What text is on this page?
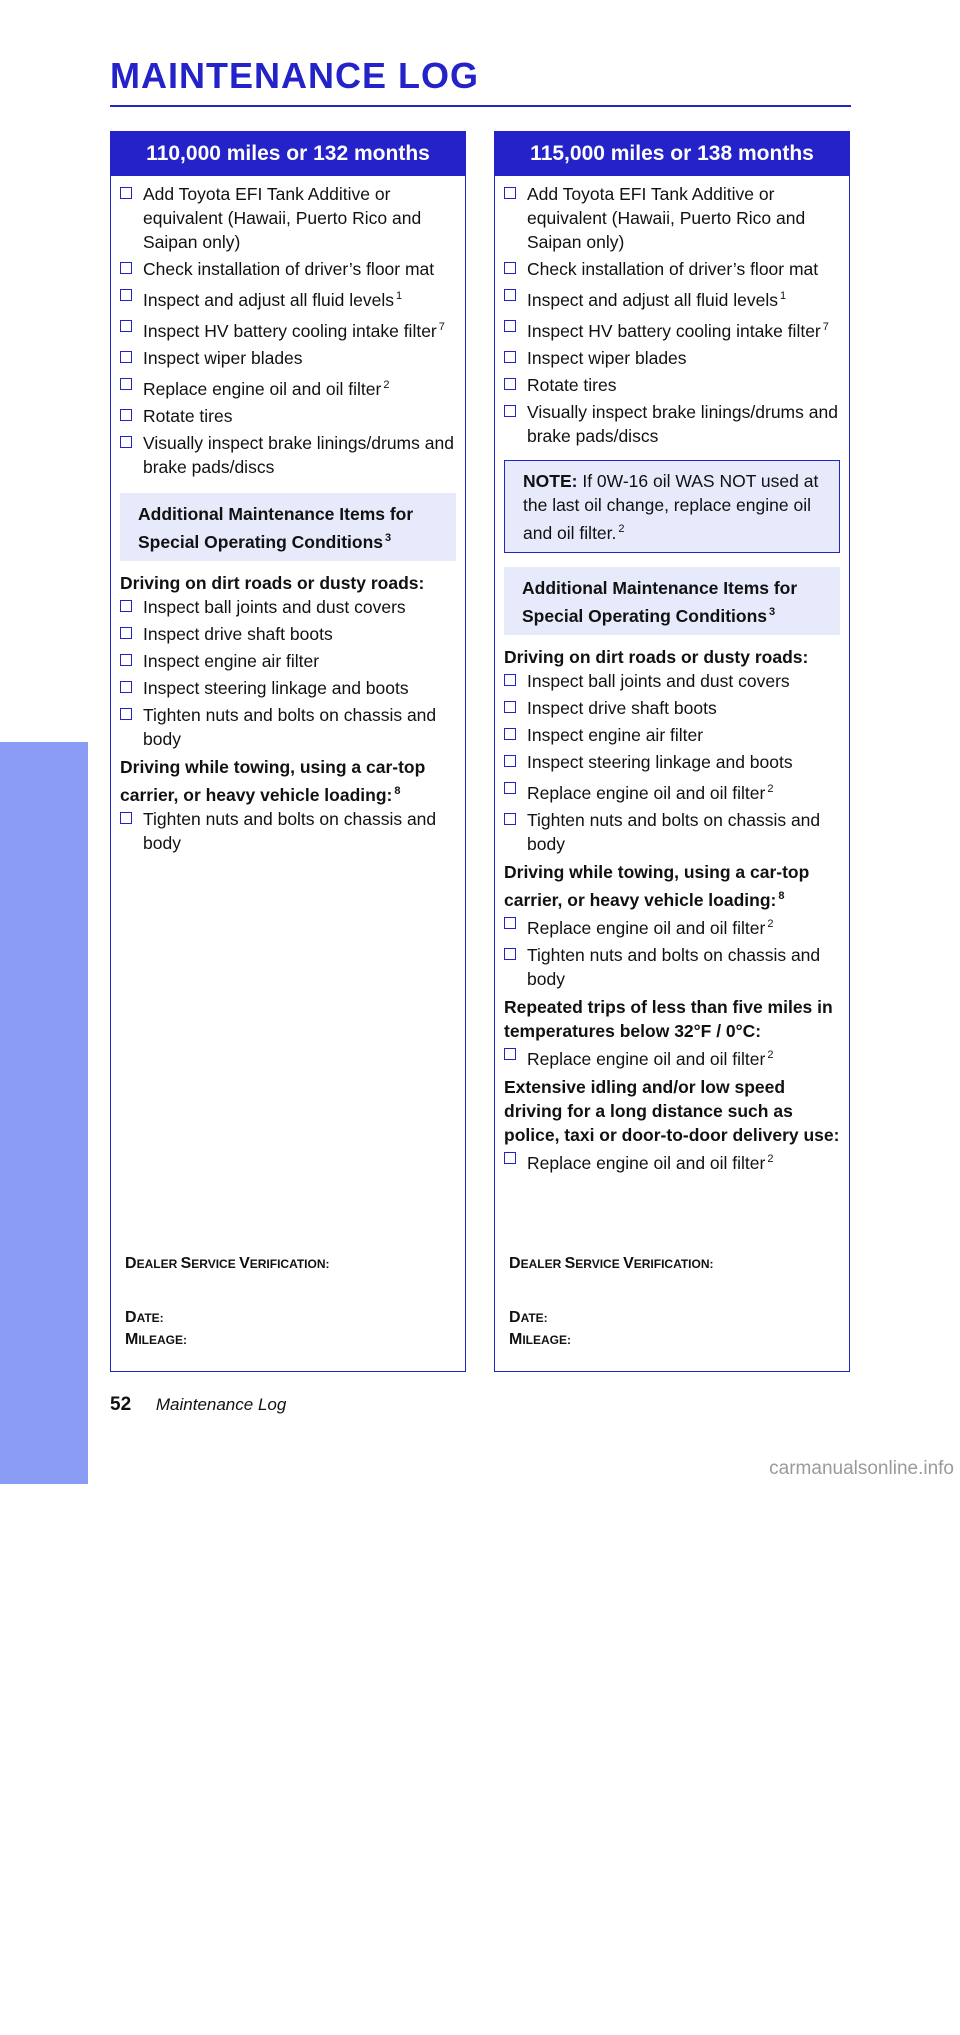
MAINTENANCE
MAINTENANCE LOG
110,000 miles or 132 months
Add Toyota EFI Tank Additive or equivalent (Hawaii, Puerto Rico and Saipan only)
Check installation of driver’s floor mat
Inspect and adjust all fluid levels $^1$
Inspect HV battery cooling intake filter $^7$
Inspect wiper blades
Replace engine oil and oil filter $^2$
Rotate tires
Visually inspect brake linings/drums and brake pads/discs
Additional Maintenance Items for Special Operating Conditions $^3$
Driving on dirt roads or dusty roads:
Inspect ball joints and dust covers
Inspect drive shaft boots
Inspect engine air filter
Inspect steering linkage and boots
Tighten nuts and bolts on chassis and body
Driving while towing, using a car-top carrier, or heavy vehicle loading: $^8$
Tighten nuts and bolts on chassis and body
DEALER SERVICE VERIFICATION:
DATE:
MILEAGE:
115,000 miles or 138 months
Add Toyota EFI Tank Additive or equivalent (Hawaii, Puerto Rico and Saipan only)
Check installation of driver’s floor mat
Inspect and adjust all fluid levels $^1$
Inspect HV battery cooling intake filter $^7$
Inspect wiper blades
Rotate tires
Visually inspect brake linings/drums and brake pads/discs
NOTE: If 0W-16 oil WAS NOT used at the last oil change, replace engine oil and oil filter. $^2$
Additional Maintenance Items for Special Operating Conditions $^3$
Driving on dirt roads or dusty roads:
Inspect ball joints and dust covers
Inspect drive shaft boots
Inspect engine air filter
Inspect steering linkage and boots
Replace engine oil and oil filter $^2$
Tighten nuts and bolts on chassis and body
Driving while towing, using a car-top carrier, or heavy vehicle loading: $^8$
Replace engine oil and oil filter $^2$
Tighten nuts and bolts on chassis and body
Repeated trips of less than five miles in temperatures below 32°F / 0°C:
Replace engine oil and oil filter $^2$
Extensive idling and/or low speed driving for a long distance such as police, taxi or door-to-door delivery use:
Replace engine oil and oil filter $^2$
DEALER SERVICE VERIFICATION:
DATE:
MILEAGE:
52 Maintenance Log
carmanualsonline.info
